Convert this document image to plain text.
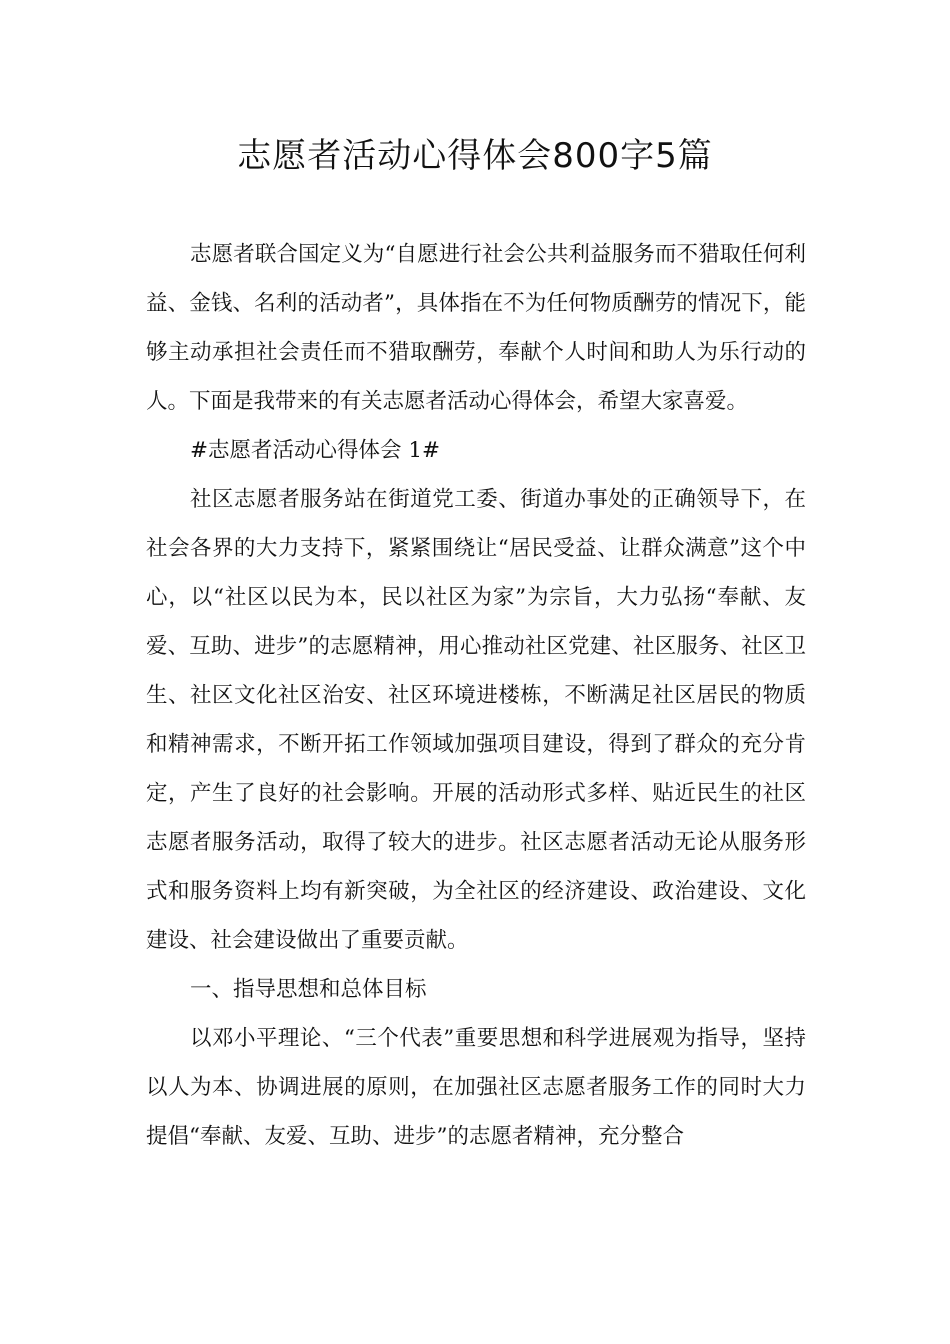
志愿者活动心得体会800字5篇

志愿者联合国定义为“自愿进行社会公共利益服务而不猎取任何利益、金钱、名利的活动者”，具体指在不为任何物质酬劳的情况下，能够主动承担社会责任而不猎取酬劳，奉献个人时间和助人为乐行动的人。下面是我带来的有关志愿者活动心得体会，希望大家喜爱。

#志愿者活动心得体会 1#

社区志愿者服务站在街道党工委、街道办事处的正确领导下，在社会各界的大力支持下，紧紧围绕让“居民受益、让群众满意”这个中心，以“社区以民为本，民以社区为家”为宗旨，大力弘扬“奉献、友爱、互助、进步”的志愿精神，用心推动社区党建、社区服务、社区卫生、社区文化社区治安、社区环境进楼栋，不断满足社区居民的物质和精神需求，不断开拓工作领域加强项目建设，得到了群众的充分肯定，产生了良好的社会影响。开展的活动形式多样、贴近民生的社区志愿者服务活动，取得了较大的进步。社区志愿者活动无论从服务形式和服务资料上均有新突破，为全社区的经济建设、政治建设、文化建设、社会建设做出了重要贡献。

一、指导思想和总体目标

以邓小平理论、“三个代表”重要思想和科学进展观为指导，坚持以人为本、协调进展的原则，在加强社区志愿者服务工作的同时大力提倡“奉献、友爱、互助、进步”的志愿者精神，充分整合
